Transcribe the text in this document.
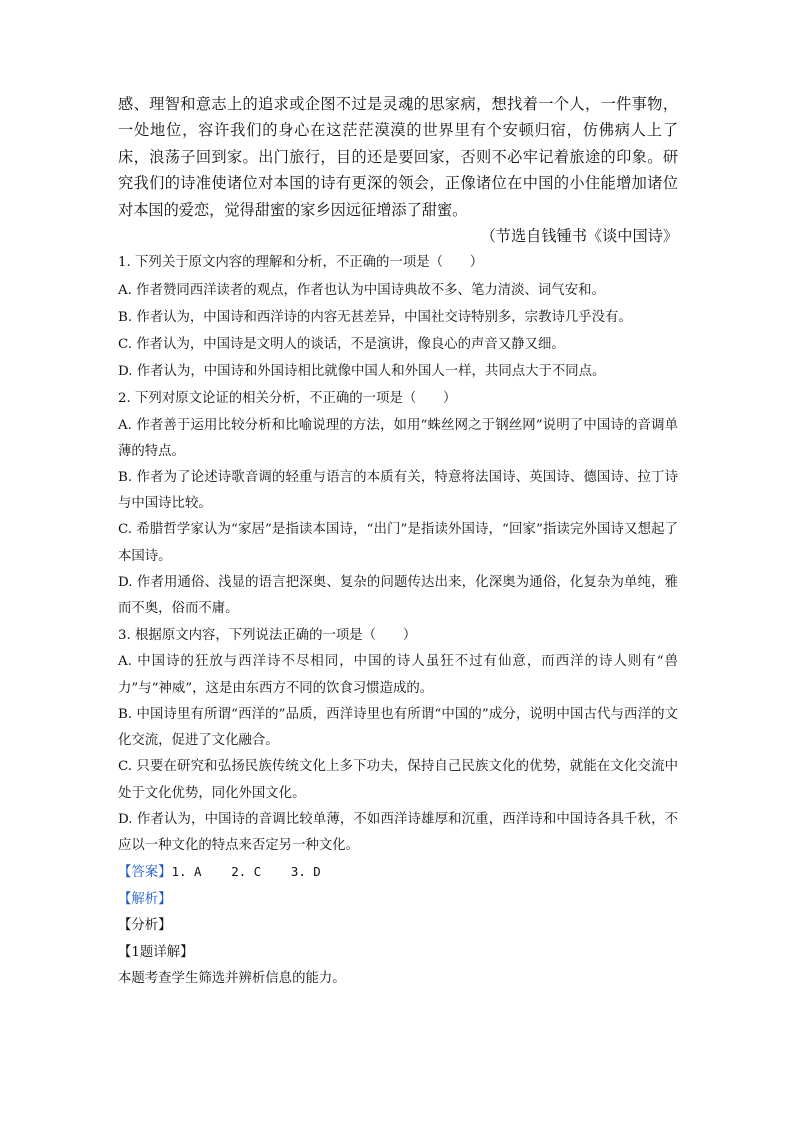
感、理智和意志上的追求或企图不过是灵魂的思家病，想找着一个人，一件事物，一处地位，容许我们的身心在这茫茫漠漠的世界里有个安顿归宿，仿佛病人上了床，浪荡子回到家。出门旅行，目的还是要回家，否则不必牢记着旅途的印象。研究我们的诗准使诸位对本国的诗有更深的领会，正像诸位在中国的小住能增加诸位对本国的爱恋，觉得甜蜜的家乡因远征增添了甜蜜。

（节选自钱锺书《谈中国诗》

1. 下列关于原文内容的理解和分析，不正确的一项是（　　）

A. 作者赞同西洋读者的观点，作者也认为中国诗典故不多、笔力清淡、词气安和。

B. 作者认为，中国诗和西洋诗的内容无甚差异，中国社交诗特别多，宗教诗几乎没有。

C. 作者认为，中国诗是文明人的谈话，不是演讲，像良心的声音又静又细。

D. 作者认为，中国诗和外国诗相比就像中国人和外国人一样，共同点大于不同点。

2. 下列对原文论证的相关分析，不正确的一项是（　　）

A. 作者善于运用比较分析和比喻说理的方法，如用“蛛丝网之于钢丝网”说明了中国诗的音调单薄的特点。

B. 作者为了论述诗歌音调的轻重与语言的本质有关，特意将法国诗、英国诗、德国诗、拉丁诗与中国诗比较。

C. 希腊哲学家认为“家居”是指读本国诗，“出门”是指读外国诗，“回家”指读完外国诗又想起了本国诗。

D. 作者用通俗、浅显的语言把深奥、复杂的问题传达出来，化深奥为通俗，化复杂为单纯，雅而不奥，俗而不庸。

3. 根据原文内容，下列说法正确的一项是（　　）

A. 中国诗的狂放与西洋诗不尽相同，中国的诗人虽狂不过有仙意，而西洋的诗人则有“兽力”与“神威”，这是由东西方不同的饮食习惯造成的。

B. 中国诗里有所谓“西洋的”品质，西洋诗里也有所谓“中国的”成分，说明中国古代与西洋的文化交流，促进了文化融合。

C. 只要在研究和弘扬民族传统文化上多下功夫，保持自己民族文化的优势，就能在文化交流中处于文化优势，同化外国文化。

D. 作者认为，中国诗的音调比较单薄，不如西洋诗雄厚和沉重，西洋诗和中国诗各具千秋，不应以一种文化的特点来否定另一种文化。

【答案】1. A    2. C    3. D

【解析】

【分析】

【1题详解】

本题考查学生筛选并辨析信息的能力。
